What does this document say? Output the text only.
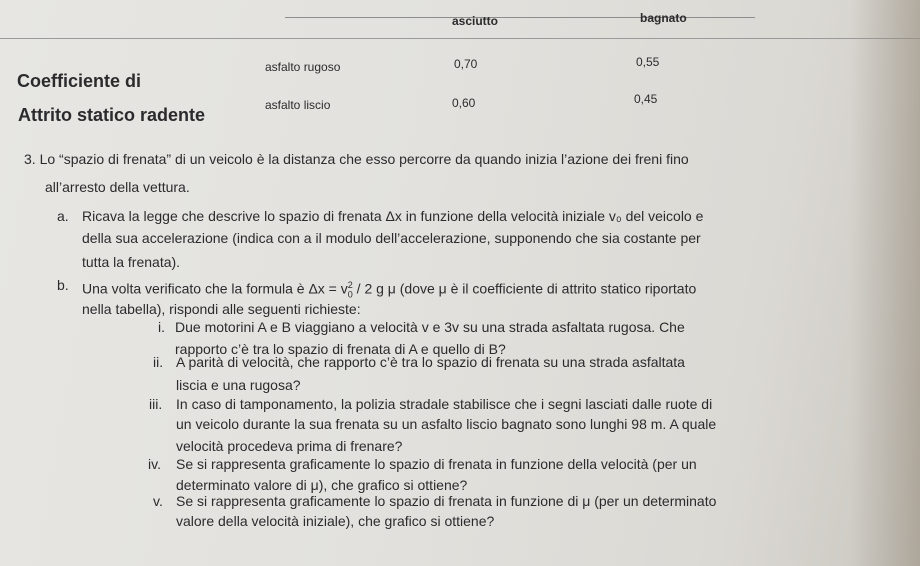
asciutto	bagnato
Coefficiente di
Attrito statico radente
asfalto rugoso	0,70	0,55
asfalto liscio	0,60	0,45
3. Lo “spazio di frenata” di un veicolo è la distanza che esso percorre da quando inizia l’azione dei freni fino
all’arresto della vettura.
a. Ricava la legge che descrive lo spazio di frenata Δx in funzione della velocità iniziale v₀ del veicolo e
della sua accelerazione (indica con a il modulo dell’accelerazione, supponendo che sia costante per
tutta la frenata).
b. Una volta verificato che la formula è $\Delta x = v_0^2 / 2$ g μ (dove μ è il coefficiente di attrito statico riportato
nella tabella), rispondi alle seguenti richieste:
i. Due motorini A e B viaggiano a velocità v e 3v su una strada asfaltata rugosa. Che
rapporto c’è tra lo spazio di frenata di A e quello di B?
ii. A parità di velocità, che rapporto c’è tra lo spazio di frenata su una strada asfaltata
liscia e una rugosa?
iii. In caso di tamponamento, la polizia stradale stabilisce che i segni lasciati dalle ruote di
un veicolo durante la sua frenata su un asfalto liscio bagnato sono lunghi 98 m. A quale
velocità procedeva prima di frenare?
iv. Se si rappresenta graficamente lo spazio di frenata in funzione della velocità (per un
determinato valore di μ), che grafico si ottiene?
v. Se si rappresenta graficamente lo spazio di frenata in funzione di μ (per un determinato
valore della velocità iniziale), che grafico si ottiene?
